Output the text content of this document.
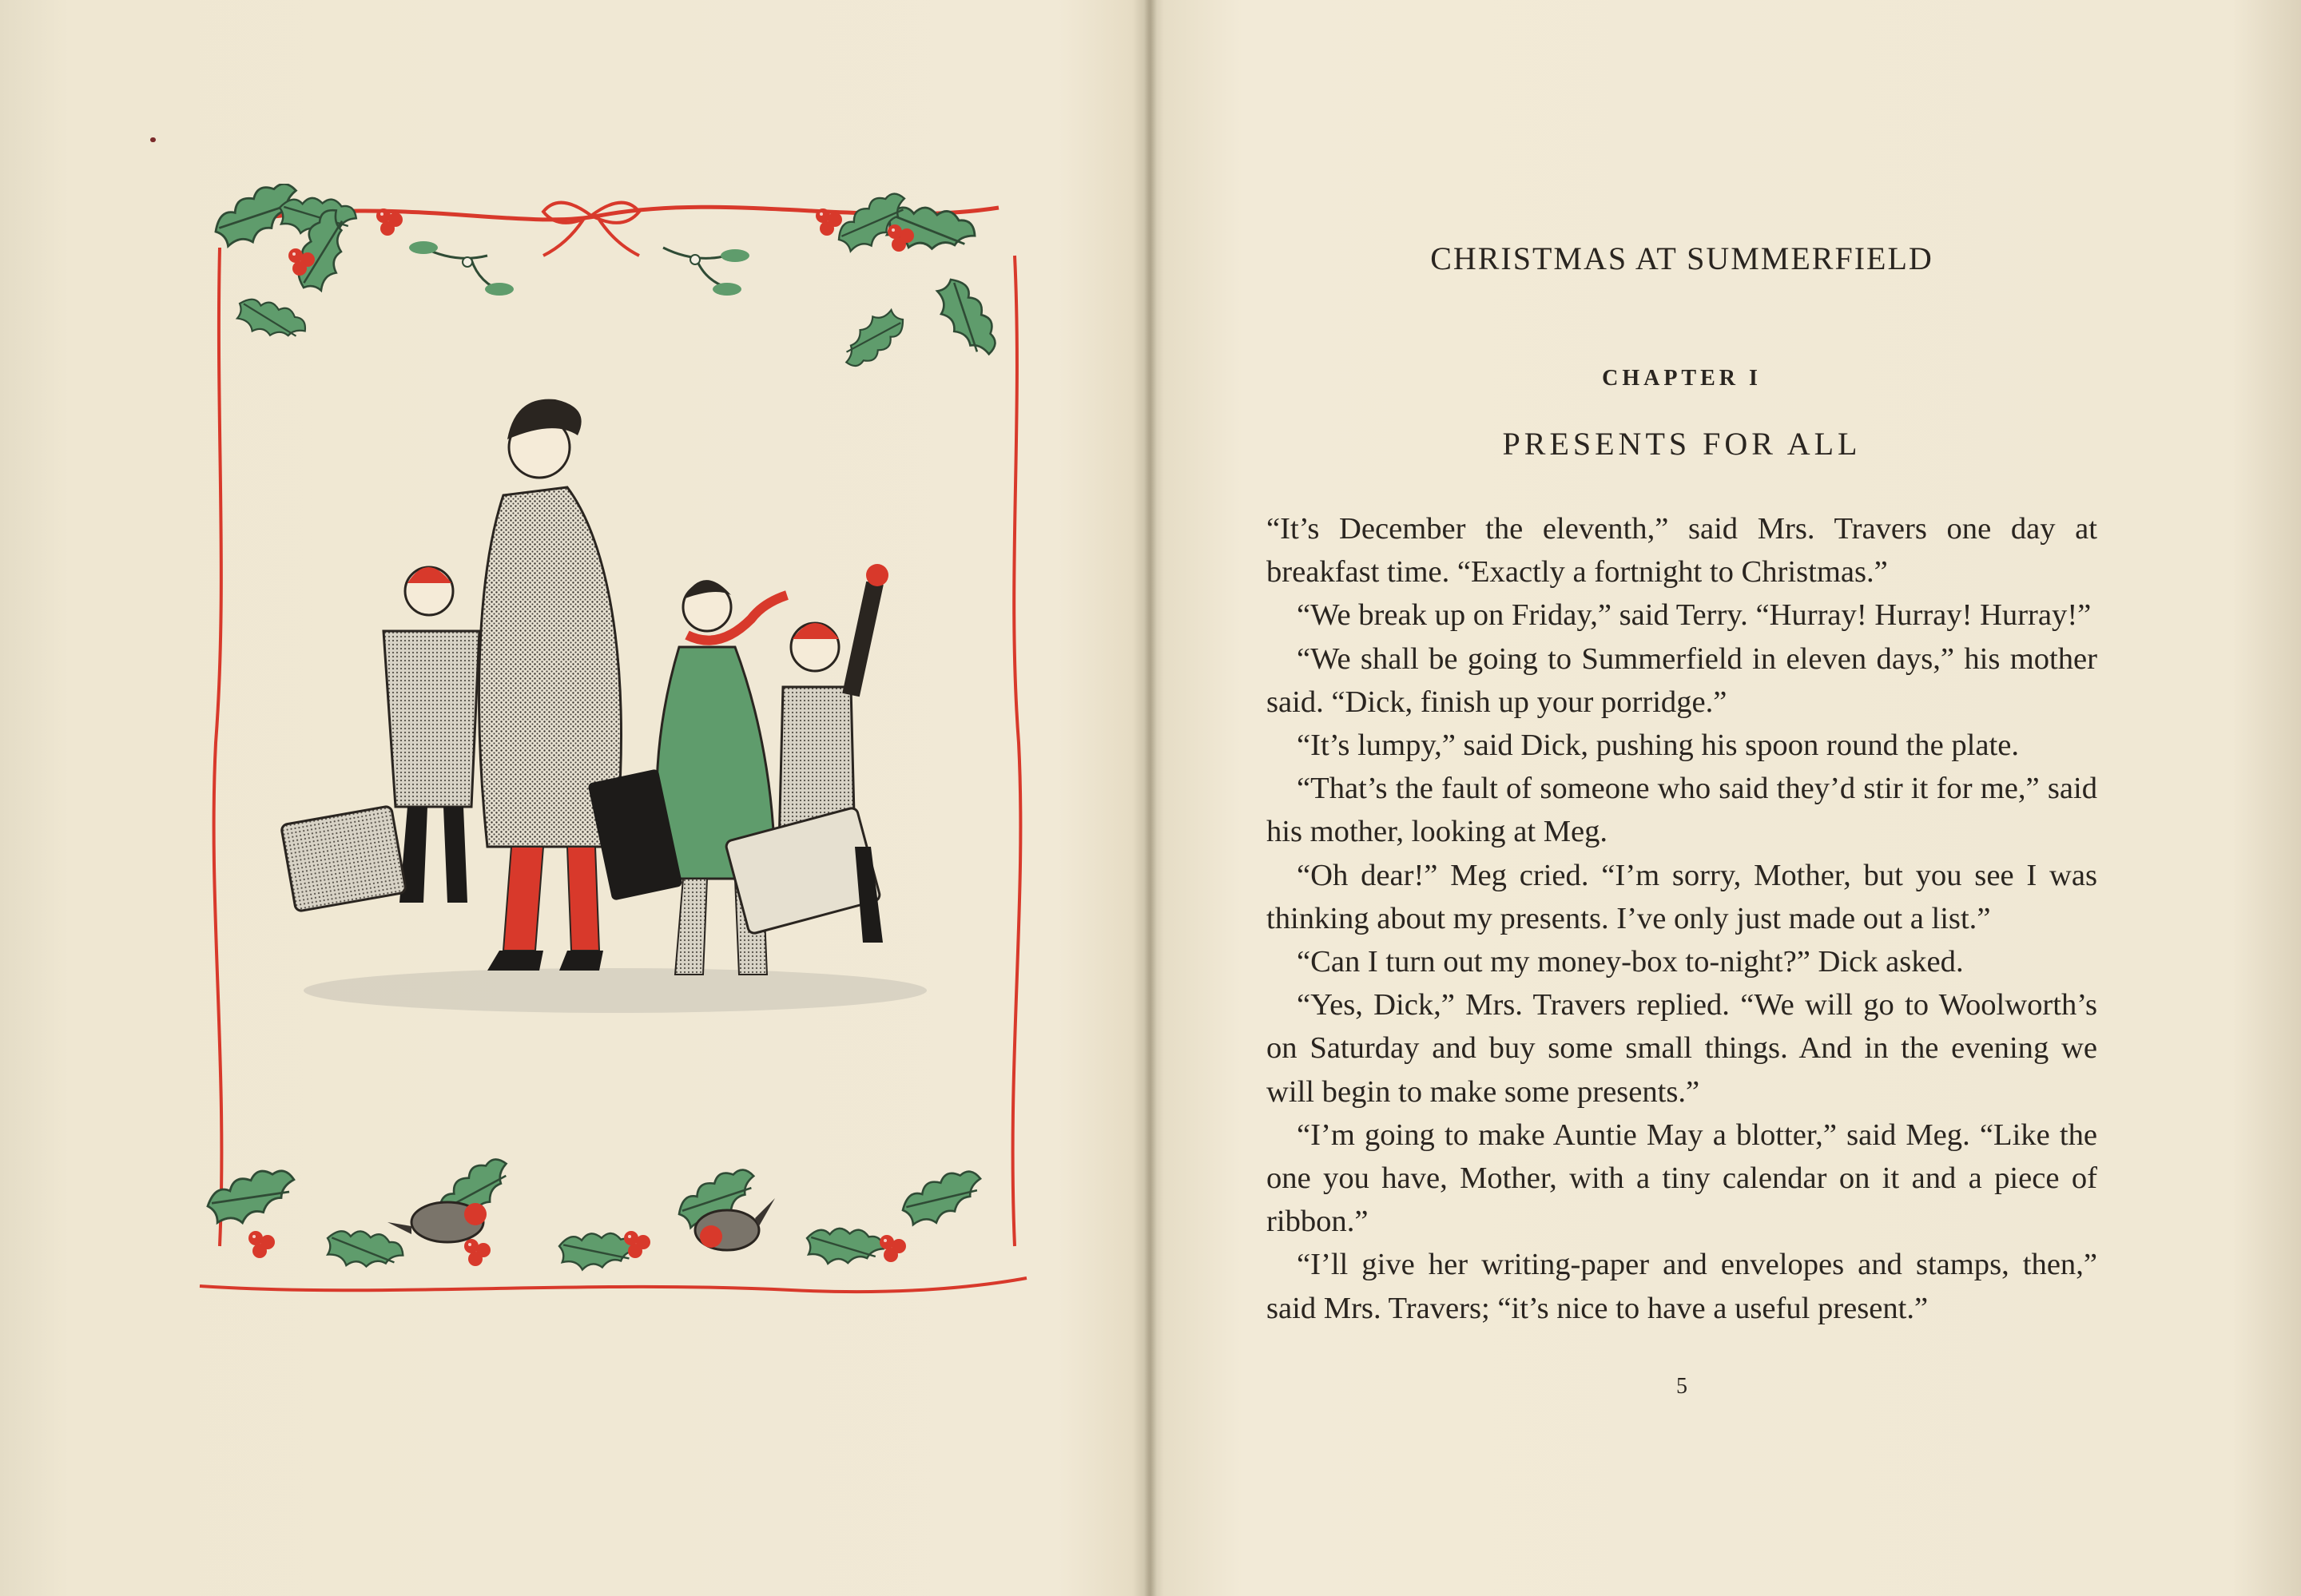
CHRISTMAS AT SUMMERFIELD
CHAPTER I
PRESENTS FOR ALL

“It’s December the eleventh,” said Mrs. Travers one day at breakfast time. “Exactly a fortnight to Christmas.”

“We break up on Friday,” said Terry. “Hurray! Hurray! Hurray!”

“We shall be going to Summerfield in eleven days,” his mother said. “Dick, finish up your porridge.”

“It’s lumpy,” said Dick, pushing his spoon round the plate.

“That’s the fault of someone who said they’d stir it for me,” said his mother, looking at Meg.

“Oh dear!” Meg cried. “I’m sorry, Mother, but you see I was thinking about my presents. I’ve only just made out a list.”

“Can I turn out my money-box to-night?” Dick asked.

“Yes, Dick,” Mrs. Travers replied. “We will go to Woolworth’s on Saturday and buy some small things. And in the evening we will begin to make some presents.”

“I’m going to make Auntie May a blotter,” said Meg. “Like the one you have, Mother, with a tiny calendar on it and a piece of ribbon.”

“I’ll give her writing-paper and envelopes and stamps, then,” said Mrs. Travers; “it’s nice to have a useful present.”

5
